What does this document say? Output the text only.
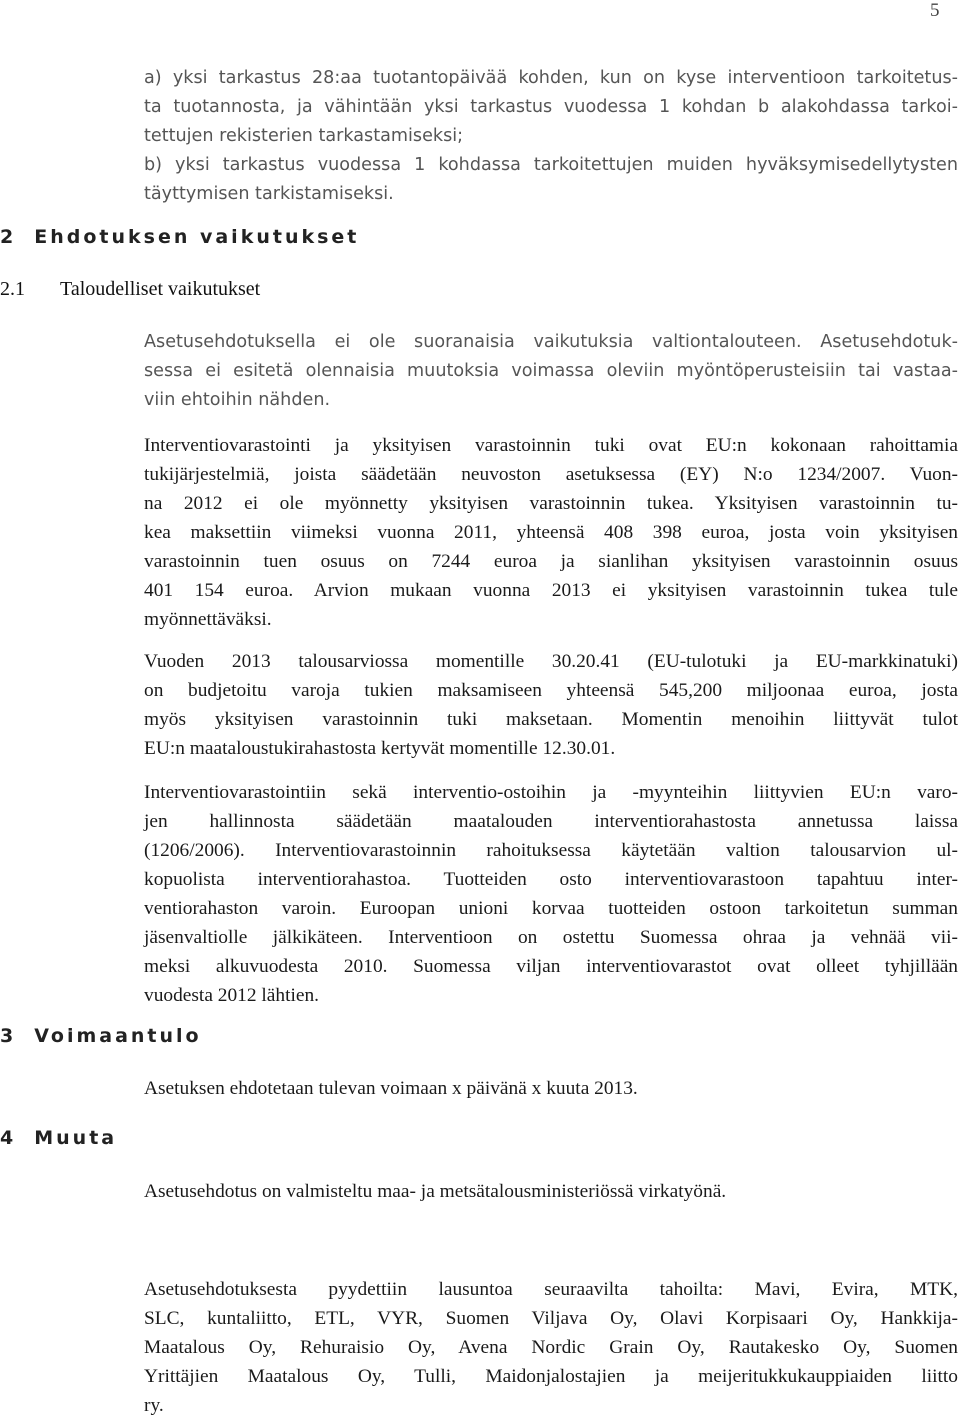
5
a) yksi tarkastus 28:aa tuotantopäivää kohden, kun on kyse interventioon tarkoitetus-
ta tuotannosta, ja vähintään yksi tarkastus vuodessa 1 kohdan b alakohdassa tarkoi-
tettujen rekisterien tarkastamiseksi;
b) yksi tarkastus vuodessa 1 kohdassa tarkoitettujen muiden hyväksymisedellytysten
täyttymisen tarkistamiseksi.
2 Ehdotuksen vaikutukset
2.1 Taloudelliset vaikutukset
Asetusehdotuksella ei ole suoranaisia vaikutuksia valtiontalouteen. Asetusehdotuk-
sessa ei esitetä olennaisia muutoksia voimassa oleviin myöntöperusteisiin tai vastaa-
viin ehtoihin nähden.
Interventiovarastointi ja yksityisen varastoinnin tuki ovat EU:n kokonaan rahoittamia
tukijärjestelmiä, joista säädetään neuvoston asetuksessa (EY) N:o 1234/2007. Vuon-
na 2012 ei ole myönnetty yksityisen varastoinnin tukea. Yksityisen varastoinnin tu-
kea maksettiin viimeksi vuonna 2011, yhteensä 408 398 euroa, josta voin yksityisen
varastoinnin tuen osuus on 7244 euroa ja sianlihan yksityisen varastoinnin osuus
401 154 euroa. Arvion mukaan vuonna 2013 ei yksityisen varastoinnin tukea tule
myönnettäväksi.
Vuoden 2013 talousarviossa momentille 30.20.41 (EU-tulotuki ja EU-markkinatuki)
on budjetoitu varoja tukien maksamiseen yhteensä 545,200 miljoonaa euroa, josta
myös yksityisen varastoinnin tuki maksetaan. Momentin menoihin liittyvät tulot
EU:n maataloustukirahastosta kertyvät momentille 12.30.01.
Interventiovarastointiin sekä interventio-ostoihin ja -myynteihin liittyvien EU:n varo-
jen hallinnosta säädetään maatalouden interventiorahastosta annetussa laissa
(1206/2006). Interventiovarastoinnin rahoituksessa käytetään valtion talousarvion ul-
kopuolista interventiorahastoa. Tuotteiden osto interventiovarastoon tapahtuu inter-
ventiorahaston varoin. Euroopan unioni korvaa tuotteiden ostoon tarkoitetun summan
jäsenvaltiolle jälkikäteen. Interventioon on ostettu Suomessa ohraa ja vehnää vii-
meksi alkuvuodesta 2010. Suomessa viljan interventiovarastot ovat olleet tyhjillään
vuodesta 2012 lähtien.
3 Voimaantulo
Asetuksen ehdotetaan tulevan voimaan x päivänä x kuuta 2013.
4 Muuta
Asetusehdotus on valmisteltu maa- ja metsätalousministeriössä virkatyönä.
Asetusehdotuksesta pyydettiin lausuntoa seuraavilta tahoilta: Mavi, Evira, MTK,
SLC, kuntaliitto, ETL, VYR, Suomen Viljava Oy, Olavi Korpisaari Oy, Hankkija-
Maatalous Oy, Rehuraisio Oy, Avena Nordic Grain Oy, Rautakesko Oy, Suomen
Yrittäjien Maatalous Oy, Tulli, Maidonjalostajien ja meijeritukkukauppiaiden liitto
ry.
